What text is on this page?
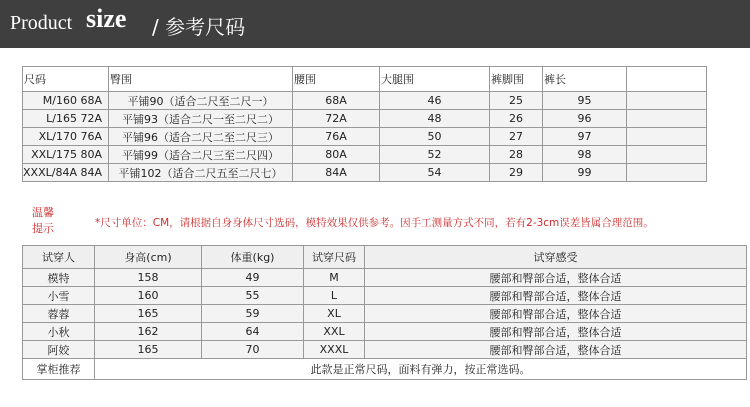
Product size / 参考尺码
尺码	臀围	腰围	大腿围	裤脚围	裤长	
M/160 68A	平铺90（适合二尺至二尺一）	68A	46	25	95	
L/165 72A	平铺93（适合二尺一至二尺二）	72A	48	26	96	
XL/170 76A	平铺96（适合二尺二至二尺三）	76A	50	27	97	
XXL/175 80A	平铺99（适合二尺三至二尺四）	80A	52	28	98	
XXXL/84A 84A	平铺102（适合二尺五至二尺七）	84A	54	29	99	
温馨
提示	*尺寸单位：CM，请根据自身身体尺寸选码，模特效果仅供参考。因手工测量方式不同，若有2-3cm误差皆属合理范围。
试穿人	身高(cm)	体重(kg)	试穿尺码	试穿感受
模特	158	49	M	腰部和臀部合适，整体合适
小雪	160	55	L	腰部和臀部合适，整体合适
蓉蓉	165	59	XL	腰部和臀部合适，整体合适
小秋	162	64	XXL	腰部和臀部合适，整体合适
阿姣	165	70	XXXL	腰部和臀部合适，整体合适
掌柜推荐	此款是正常尺码，面料有弹力，按正常选码。			
